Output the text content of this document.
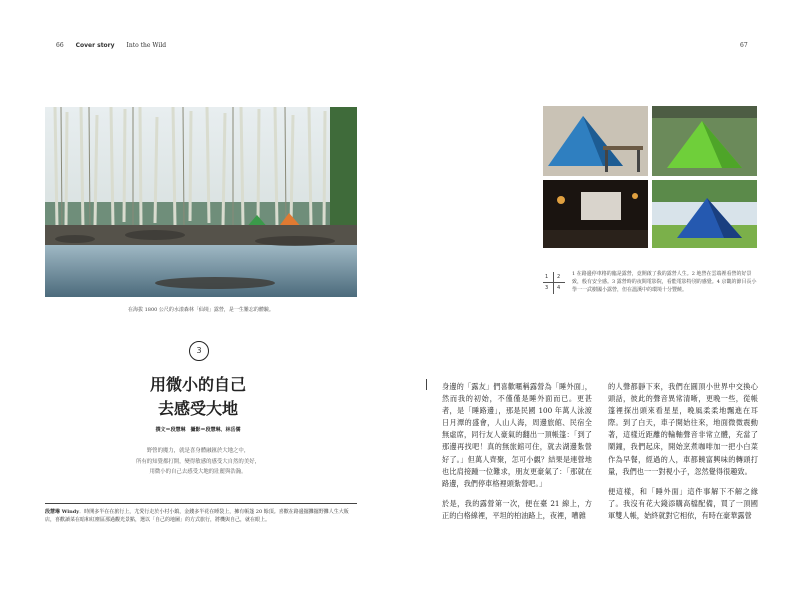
66 Cover story Into the Wild	67
在海拔 1800 公尺的水漾森林「仙境」露營，是一生難忘的體驗。
1 2
3 4
1 在路邊停車格的臨是露營，竟開啟了我的露營人生。2 地營在雲端裡看營的好景致，般有安全感。3 露營時的夜間電影院，看能電影特別的感覺。4 京畿的節目長小學一一武樹國小露營，但在溫溪中的環境十分豐饒。
3
用微小的自己
去感受大地
撰文＝段慧琳　攝影＝段慧琳、林岳儒
野營的魔力，就是喜身體融匯於大地之中，
所有的知覺都打開，變得敏感的感受大自然的美好，
用微小的自己去感受大地的壯麗與浩瀚。
段慧琳 Windy．時開多半在在旅行上，尤愛行走於小村小鎮，金錢多半花在睡袋上，擁有帳篷 20 餘頂。喜歡在路邊擺攤擺野攤人生大販店，喜歡讀菜在暗和紅塵區那過觀光景點，選以「自己的地圖」的方式旅行，將機與自己，就在眼上。

身邊的「露友」們喜歡暱稱露營為「睡外面」，然而我的初始，不僅僅是睡外面而已。更甚者，是「睡路邊」，那是民國 100 年萬人泳渡日月潭的盛會，人山人海，周邊旅館、民宿全無虛席，同行友人豪氣的翻出一頂帳篷：「到了那邊再找吧！真的無旅館可住，就去湖邊紮營好了。」但萬人齊聚，怎可小覷？結果是連營地也比肩接踵一位難求，朋友更豪氣了：「那就在路邊，我們停車格裡頭紮營吧。」

於是，我的露營第一次，便在臺 21 線上，方正的白格線裡，平坦的柏油路上，夜裡，嘈雜

的人聲都靜下來，我們在圓頂小世界中交換心頭話，彼此的聲音異常清晰，更晚一些，從帳篷裡探出頭來看星星，晚風柔柔地飄進在耳際。到了白天，車子開始往來，地面微微震動著，這樣近距離的輪軸聲音非常立體，充當了鬧鐘，我們起床，開始烹煮咖啡加一把小白菜作為早餐，經過的人，車都饒富興味的轉頭打量，我們也一一對視小子，忽然覺得很趣致。

便這樣，和「睡外面」這件事解下不解之緣了。我沒有花大錢添購高檔配備，買了一頂國軍雙人帳，始終就對它相依，有時在豪華露營
